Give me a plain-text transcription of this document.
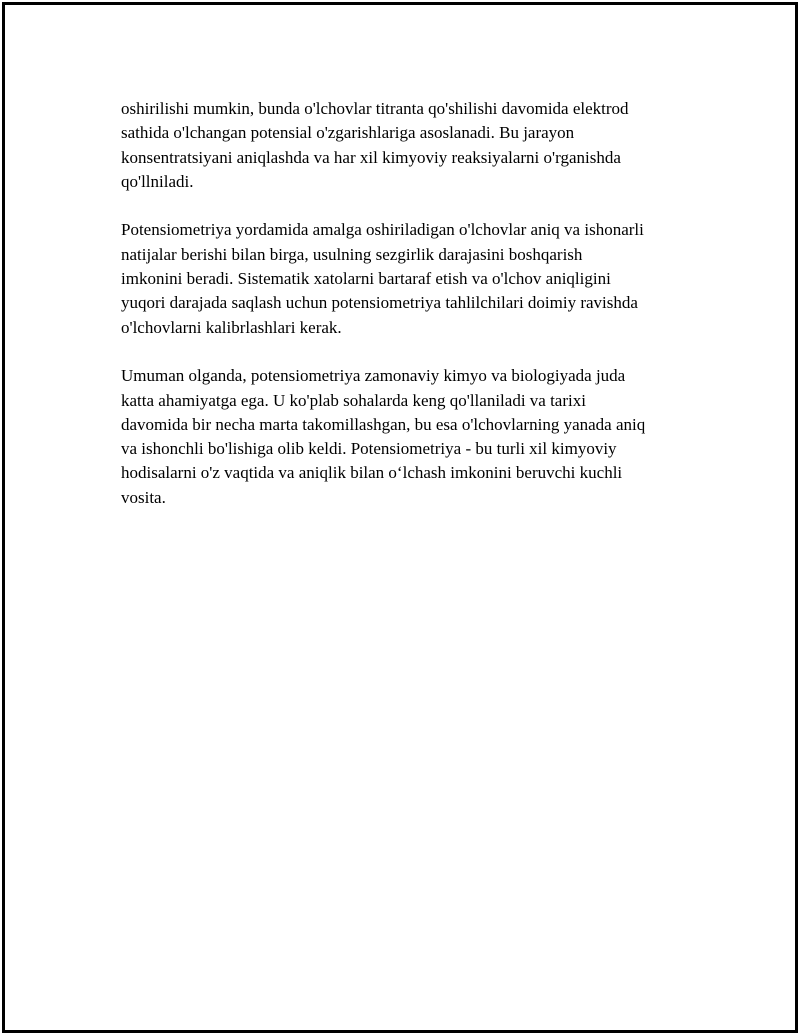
oshirilishi mumkin, bunda o'lchovlar titranta qo'shilishi davomida elektrod
sathida o'lchangan potensial o'zgarishlariga asoslanadi. Bu jarayon
konsentratsiyani aniqlashda va har xil kimyoviy reaksiyalarni o'rganishda
qo'llniladi.

Potensiometriya yordamida amalga oshiriladigan o'lchovlar aniq va ishonarli
natijalar berishi bilan birga, usulning sezgirlik darajasini boshqarish
imkonini beradi. Sistematik xatolarni bartaraf etish va o'lchov aniqligini
yuqori darajada saqlash uchun potensiometriya tahlilchilari doimiy ravishda
o'lchovlarni kalibrlashlari kerak.

Umuman olganda, potensiometriya zamonaviy kimyo va biologiyada juda
katta ahamiyatga ega. U ko'plab sohalarda keng qo'llaniladi va tarixi
davomida bir necha marta takomillashgan, bu esa o'lchovlarning yanada aniq
va ishonchli bo'lishiga olib keldi. Potensiometriya - bu turli xil kimyoviy
hodisalarni o'z vaqtida va aniqlik bilan o‘lchash imkonini beruvchi kuchli
vosita.
